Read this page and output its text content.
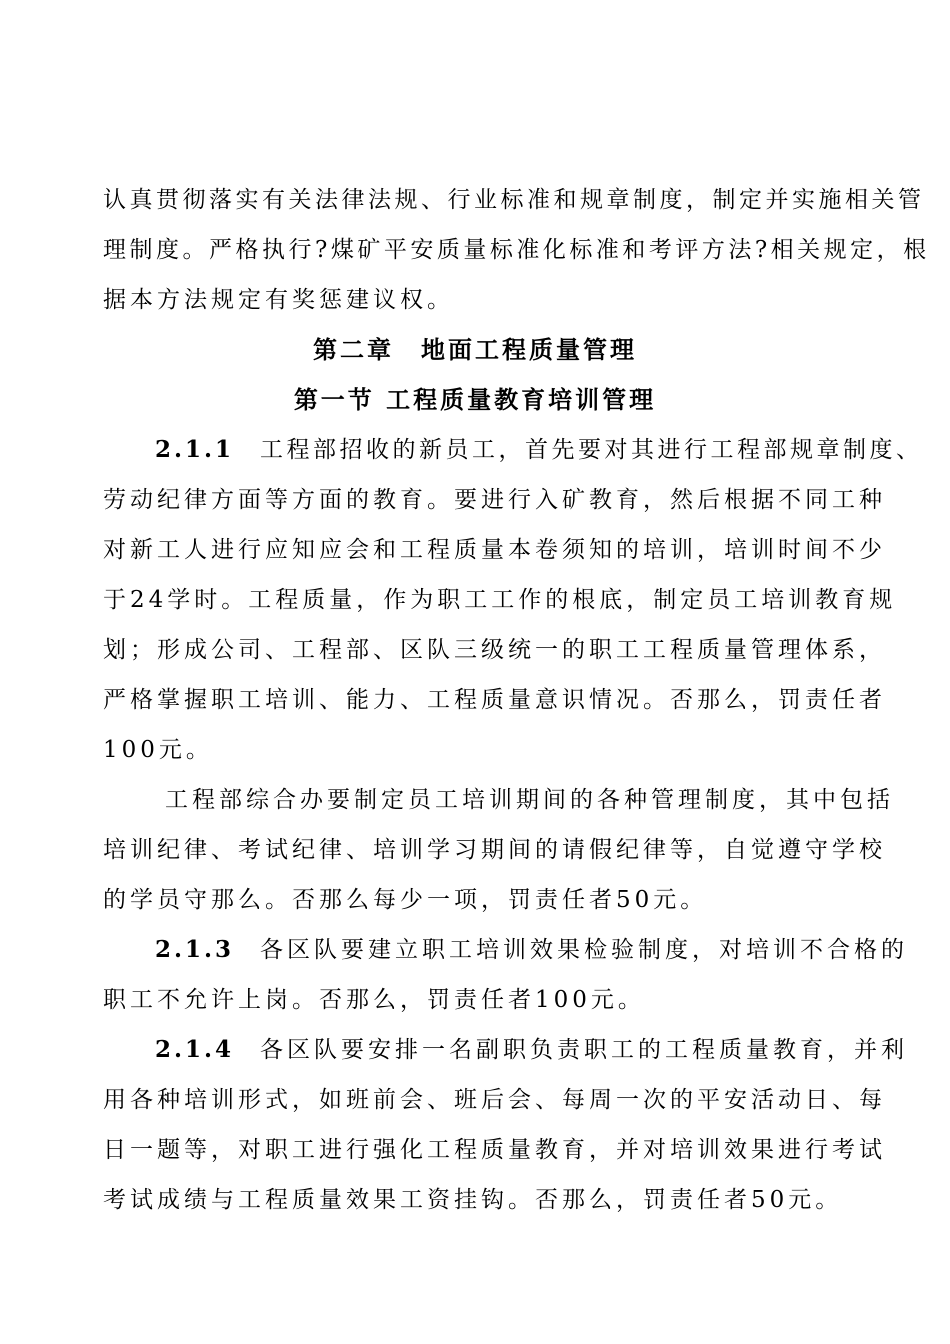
认真贯彻落实有关法律法规、行业标准和规章制度，制定并实施相关管
理制度。严格执行?煤矿平安质量标准化标准和考评方法?相关规定，根
据本方法规定有奖惩建议权。
第二章　地面工程质量管理
第一节 工程质量教育培训管理
2.1.1 工程部招收的新员工，首先要对其进行工程部规章制度、
劳动纪律方面等方面的教育。要进行入矿教育，然后根据不同工种
对新工人进行应知应会和工程质量本卷须知的培训，培训时间不少
于24学时。工程质量，作为职工工作的根底，制定员工培训教育规
划；形成公司、工程部、区队三级统一的职工工程质量管理体系，
严格掌握职工培训、能力、工程质量意识情况。否那么，罚责任者
100元。
工程部综合办要制定员工培训期间的各种管理制度，其中包括
培训纪律、考试纪律、培训学习期间的请假纪律等，自觉遵守学校
的学员守那么。否那么每少一项，罚责任者50元。
2.1.3 各区队要建立职工培训效果检验制度，对培训不合格的
职工不允许上岗。否那么，罚责任者100元。
2.1.4 各区队要安排一名副职负责职工的工程质量教育，并利
用各种培训形式，如班前会、班后会、每周一次的平安活动日、每
日一题等，对职工进行强化工程质量教育，并对培训效果进行考试
考试成绩与工程质量效果工资挂钩。否那么，罚责任者50元。
